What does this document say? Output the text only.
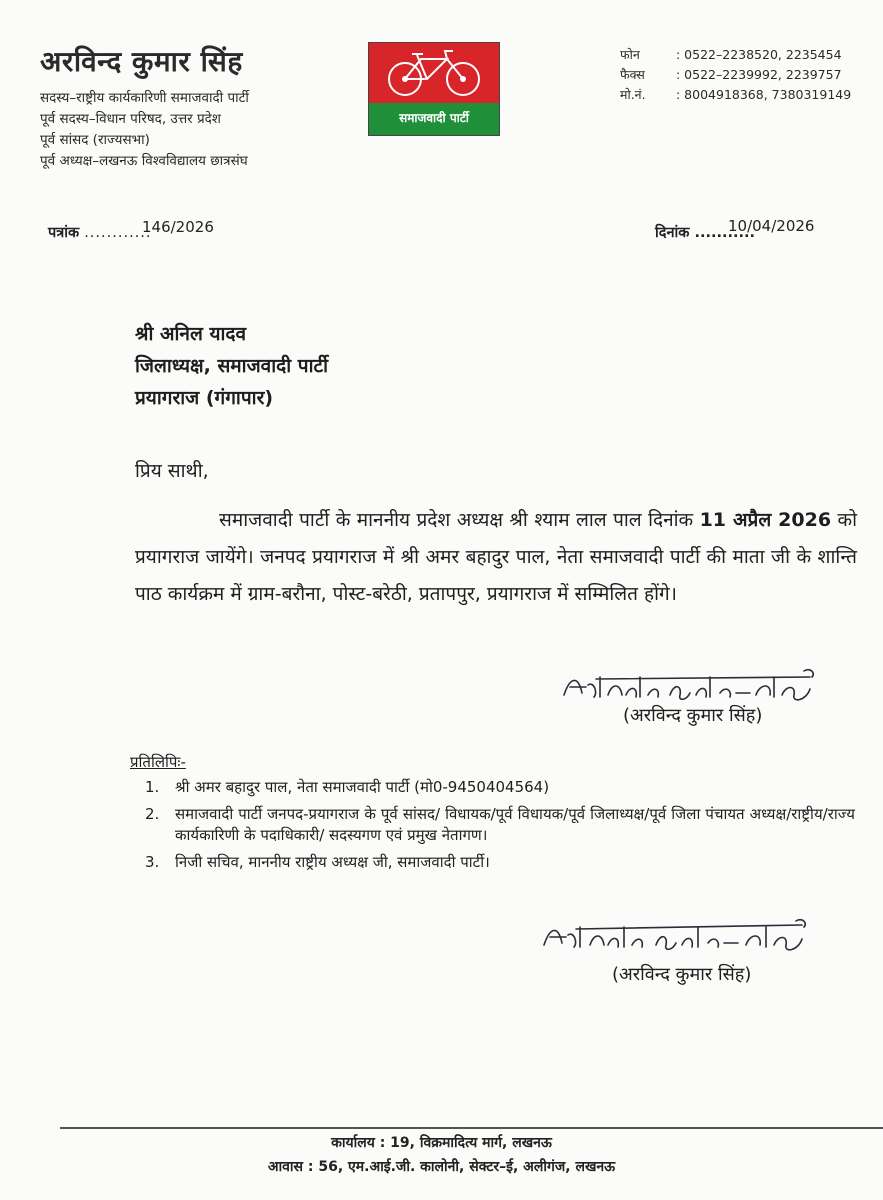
अरविन्द कुमार सिंह
सदस्य–राष्ट्रीय कार्यकारिणी समाजवादी पार्टी
पूर्व सदस्य–विधान परिषद, उत्तर प्रदेश
पूर्व सांसद (राज्यसभा)
पूर्व अध्यक्ष–लखनऊ विश्वविद्यालय छात्रसंघ
समाजवादी पार्टी
फोन	: 0522–2238520, 2235454
फैक्स : 0522–2239992, 2239757
मो.नं. : 8004918368, 7380319149
पत्रांक ............
146/2026	दिनांक ...........
10/04/2026
श्री अनिल यादव
जिलाध्यक्ष, समाजवादी पार्टी
प्रयागराज (गंगापार)
प्रिय साथी,
समाजवादी पार्टी के माननीय प्रदेश अध्यक्ष श्री श्याम लाल पाल दिनांक 11 अप्रैल 2026 को प्रयागराज जायेंगे। जनपद प्रयागराज में श्री अमर बहादुर पाल, नेता समाजवादी पार्टी की माता जी के शान्ति पाठ कार्यक्रम में ग्राम-बरौना, पोस्ट-बरेठी, प्रतापपुर, प्रयागराज में सम्मिलित होंगे।
(अरविन्द कुमार सिंह)
प्रतिलिपिः-
1.	श्री अमर बहादुर पाल, नेता समाजवादी पार्टी (मो0-9450404564)
2.	समाजवादी पार्टी जनपद-प्रयागराज के पूर्व सांसद/ विधायक/पूर्व विधायक/पूर्व जिलाध्यक्ष/पूर्व जिला पंचायत अध्यक्ष/राष्ट्रीय/राज्य कार्यकारिणी के पदाधिकारी/ सदस्यगण एवं प्रमुख नेतागण।
3.	निजी सचिव, माननीय राष्ट्रीय अध्यक्ष जी, समाजवादी पार्टी।
(अरविन्द कुमार सिंह)
कार्यालय : 19, विक्रमादित्य मार्ग, लखनऊ
आवास : 56, एम.आई.जी. कालोनी, सेक्टर–ई, अलीगंज, लखनऊ
